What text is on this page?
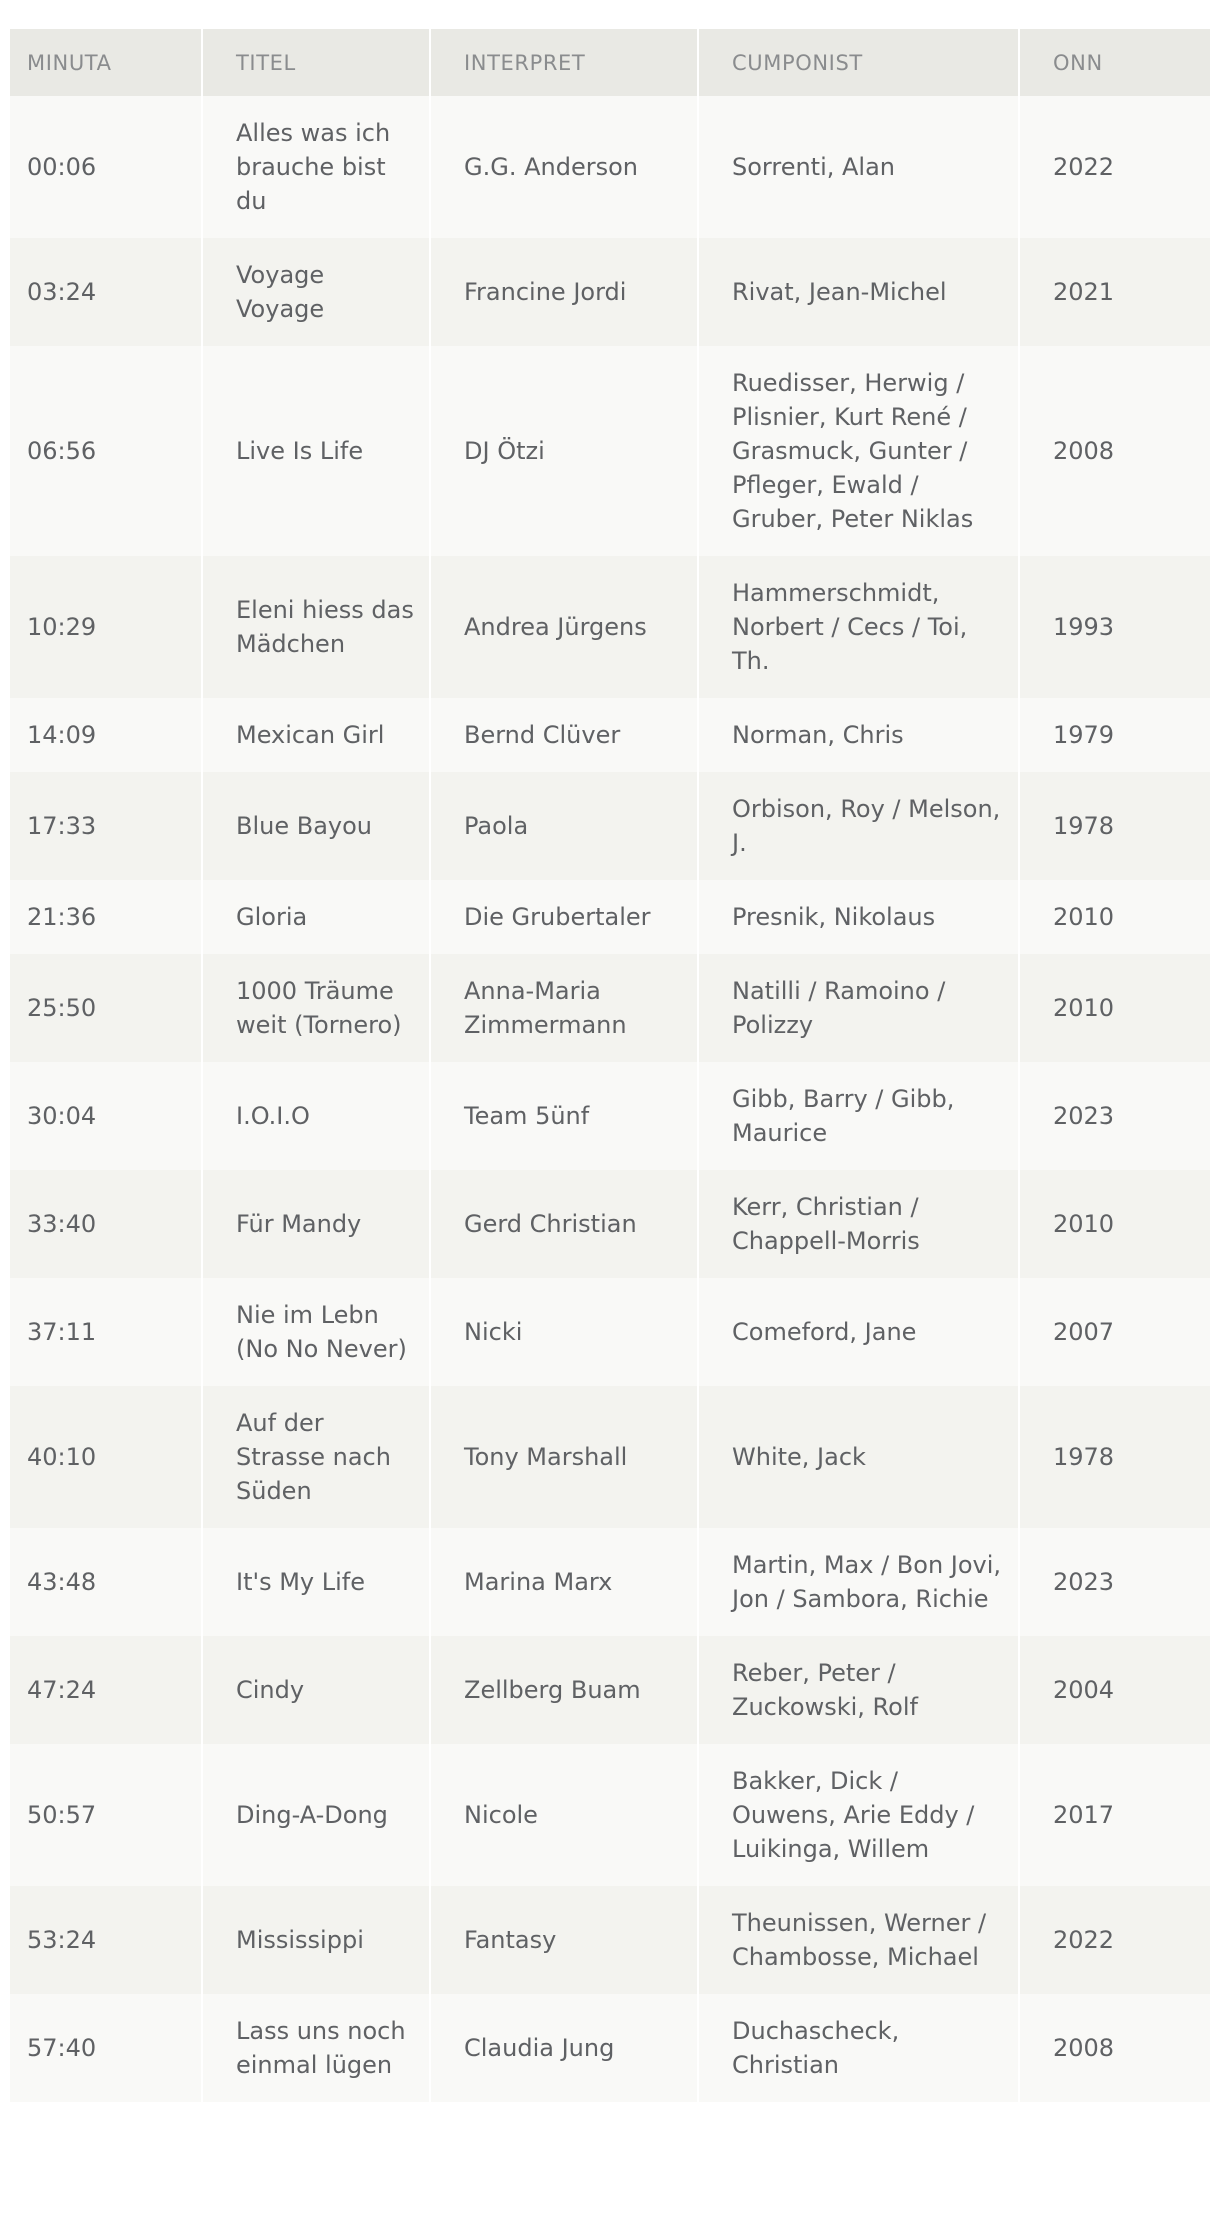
MINUTA	TITEL	INTERPRET	CUMPONIST	ONN
00:06	Alles was ich brauche bist du	G.G. Anderson	Sorrenti, Alan	2022
03:24	Voyage Voyage	Francine Jordi	Rivat, Jean-Michel	2021
06:56	Live Is Life	DJ Ötzi	Ruedisser, Herwig / Plisnier, Kurt René / Grasmuck, Gunter / Pfleger, Ewald / Gruber, Peter Niklas	2008
10:29	Eleni hiess das Mädchen	Andrea Jürgens	Hammerschmidt, Norbert / Cecs / Toi, Th.	1993
14:09	Mexican Girl	Bernd Clüver	Norman, Chris	1979
17:33	Blue Bayou	Paola	Orbison, Roy / Melson, J.	1978
21:36	Gloria	Die Grubertaler	Presnik, Nikolaus	2010
25:50	1000 Träume weit (Tornero)	Anna-Maria Zimmermann	Natilli / Ramoino / Polizzy	2010
30:04	I.O.I.O	Team 5ünf	Gibb, Barry / Gibb, Maurice	2023
33:40	Für Mandy	Gerd Christian	Kerr, Christian / Chappell-Morris	2010
37:11	Nie im Lebn (No No Never)	Nicki	Comeford, Jane	2007
40:10	Auf der Strasse nach Süden	Tony Marshall	White, Jack	1978
43:48	It's My Life	Marina Marx	Martin, Max / Bon Jovi, Jon / Sambora, Richie	2023
47:24	Cindy	Zellberg Buam	Reber, Peter / Zuckowski, Rolf	2004
50:57	Ding-A-Dong	Nicole	Bakker, Dick / Ouwens, Arie Eddy / Luikinga, Willem	2017
53:24	Mississippi	Fantasy	Theunissen, Werner / Chambosse, Michael	2022
57:40	Lass uns noch einmal lügen	Claudia Jung	Duchascheck, Christian	2008
